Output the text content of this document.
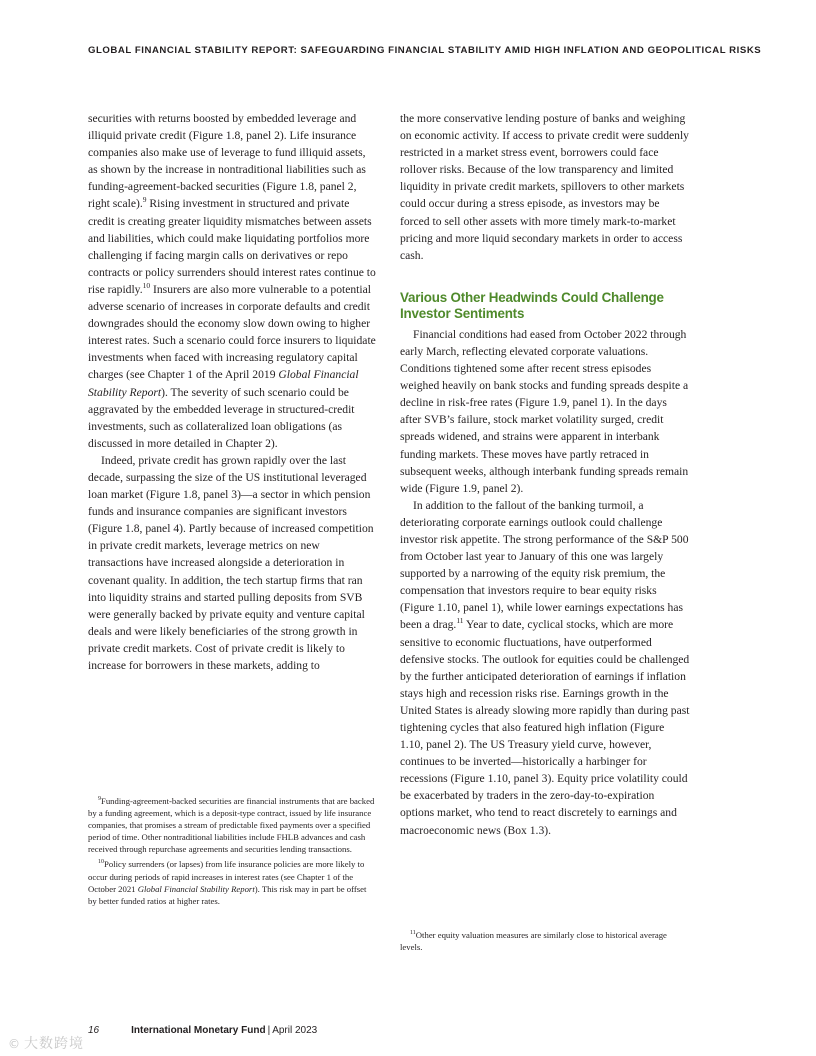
GLOBAL FINANCIAL STABILITY REPORT: SAFEGUARDING FINANCIAL STABILITY AMID HIGH INFLATION AND GEOPOLITICAL RISKS

securities with returns boosted by embedded leverage and illiquid private credit (Figure 1.8, panel 2). Life insurance companies also make use of leverage to fund illiquid assets, as shown by the increase in nontraditional liabilities such as funding-agreement-backed securities (Figure 1.8, panel 2, right scale).$^9$ Rising investment in structured and private credit is creating greater liquidity mismatches between assets and liabilities, which could make liquidating portfolios more challenging if facing margin calls on derivatives or repo contracts or policy surrenders should interest rates continue to rise rapidly.$^{10}$ Insurers are also more vulnerable to a potential adverse scenario of increases in corporate defaults and credit downgrades should the economy slow down owing to higher interest rates. Such a scenario could force insurers to liquidate investments when faced with increasing regulatory capital charges (see Chapter 1 of the April 2019 Global Financial Stability Report). The severity of such scenario could be aggravated by the embedded leverage in structured-credit investments, such as collateralized loan obligations (as discussed in more detailed in Chapter 2).

Indeed, private credit has grown rapidly over the last decade, surpassing the size of the US institutional leveraged loan market (Figure 1.8, panel 3)—a sector in which pension funds and insurance companies are significant investors (Figure 1.8, panel 4). Partly because of increased competition in private credit markets, leverage metrics on new transactions have increased alongside a deterioration in covenant quality. In addition, the tech startup firms that ran into liquidity strains and started pulling deposits from SVB were generally backed by private equity and venture capital deals and were likely beneficiaries of the strong growth in private credit markets. Cost of private credit is likely to increase for borrowers in these markets, adding to

the more conservative lending posture of banks and weighing on economic activity. If access to private credit were suddenly restricted in a market stress event, borrowers could face rollover risks. Because of the low transparency and limited liquidity in private credit markets, spillovers to other markets could occur during a stress episode, as investors may be forced to sell other assets with more timely mark-to-market pricing and more liquid secondary markets in order to access cash.

Various Other Headwinds Could Challenge Investor Sentiments

Financial conditions had eased from October 2022 through early March, reflecting elevated corporate valuations. Conditions tightened some after recent stress episodes weighed heavily on bank stocks and funding spreads despite a decline in risk-free rates (Figure 1.9, panel 1). In the days after SVB’s failure, stock market volatility surged, credit spreads widened, and strains were apparent in interbank funding markets. These moves have partly retraced in subsequent weeks, although interbank funding spreads remain wide (Figure 1.9, panel 2).

In addition to the fallout of the banking turmoil, a deteriorating corporate earnings outlook could challenge investor risk appetite. The strong performance of the S&P 500 from October last year to January of this one was largely supported by a narrowing of the equity risk premium, the compensation that investors require to bear equity risks (Figure 1.10, panel 1), while lower earnings expectations has been a drag.$^{11}$ Year to date, cyclical stocks, which are more sensitive to economic fluctuations, have outperformed defensive stocks. The outlook for equities could be challenged by the further anticipated deterioration of earnings if inflation stays high and recession risks rise. Earnings growth in the United States is already slowing more rapidly than during past tightening cycles that also featured high inflation (Figure 1.10, panel 2). The US Treasury yield curve, however, continues to be inverted—historically a harbinger for recessions (Figure 1.10, panel 3). Equity price volatility could be exacerbated by traders in the zero-day-to-expiration options market, who tend to react discretely to earnings and macroeconomic news (Box 1.3).

$^9$Funding-agreement-backed securities are financial instruments that are backed by a funding agreement, which is a deposit-type contract, issued by life insurance companies, that promises a stream of predictable fixed payments over a specified period of time. Other nontraditional liabilities include FHLB advances and cash received through repurchase agreements and securities lending transactions.

$^{10}$Policy surrenders (or lapses) from life insurance policies are more likely to occur during periods of rapid increases in interest rates (see Chapter 1 of the October 2021 Global Financial Stability Report). This risk may in part be offset by better funded ratios at higher rates.

$^{11}$Other equity valuation measures are similarly close to historical average levels.

16	International Monetary Fund | April 2023
© 大数跨境
